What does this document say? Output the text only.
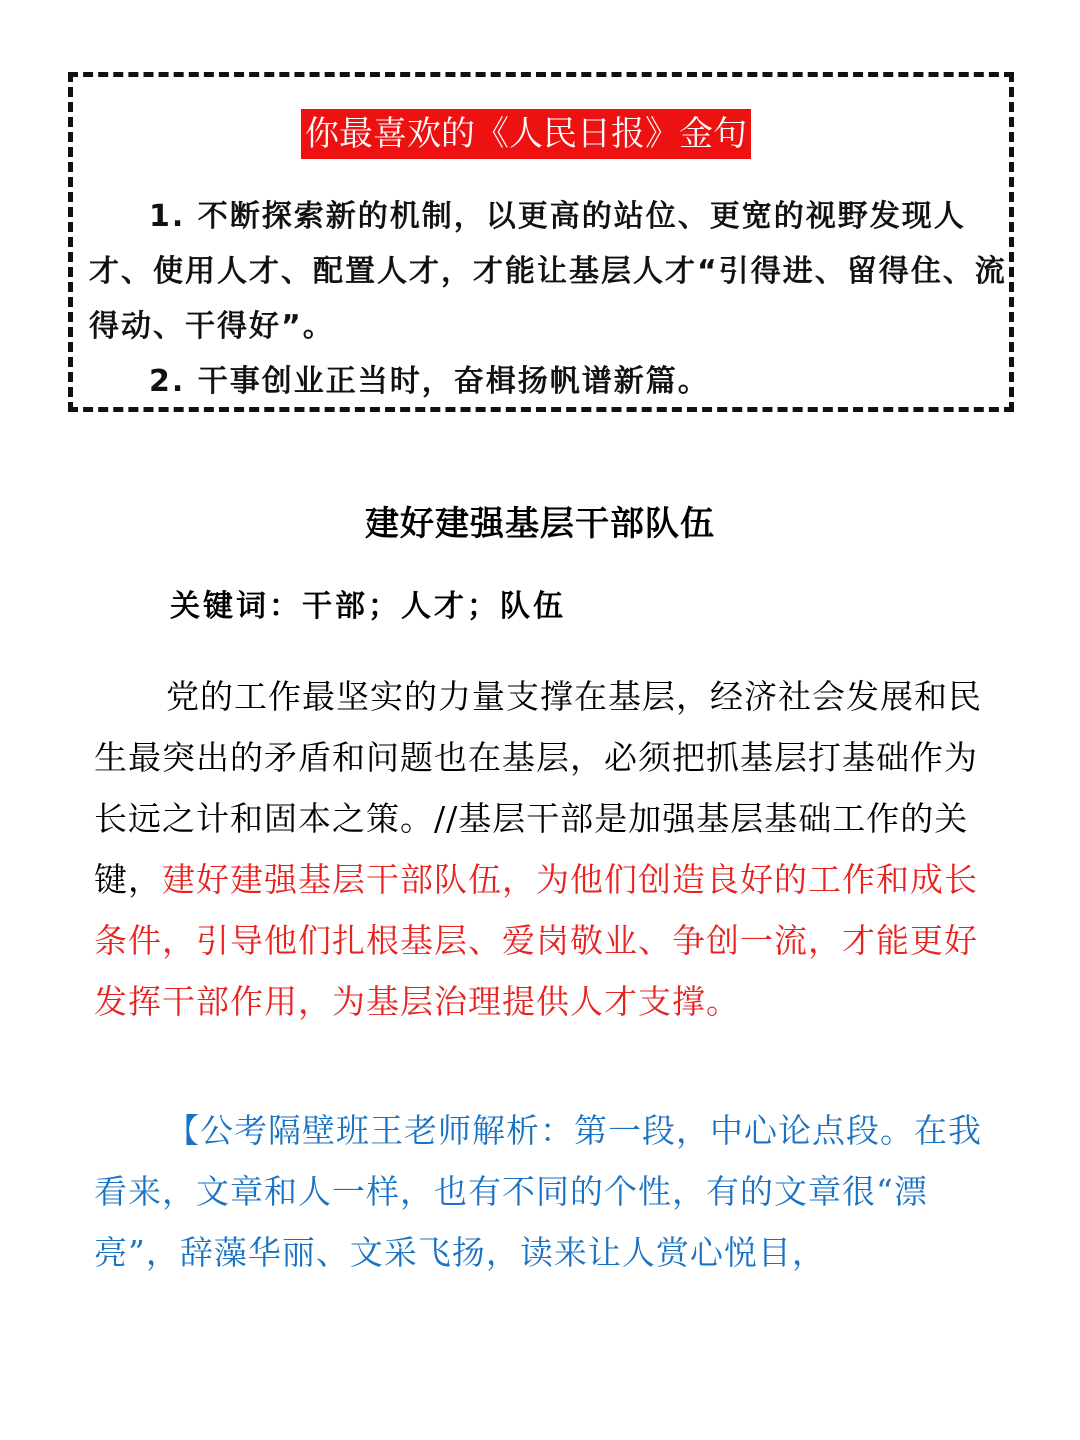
你最喜欢的《人民日报》金句

1. 不断探索新的机制，以更高的站位、更宽的视野发现人才、使用人才、配置人才，才能让基层人才“引得进、留得住、流得动、干得好”。

2. 干事创业正当时，奋楫扬帆谱新篇。

建好建强基层干部队伍
关键词：干部；人才；队伍

党的工作最坚实的力量支撑在基层，经济社会发展和民生最突出的矛盾和问题也在基层，必须把抓基层打基础作为长远之计和固本之策。//基层干部是加强基层基础工作的关键，建好建强基层干部队伍，为他们创造良好的工作和成长条件，引导他们扎根基层、爱岗敬业、争创一流，才能更好发挥干部作用，为基层治理提供人才支撑。

【公考隔壁班王老师解析：第一段，中心论点段。在我看来，文章和人一样，也有不同的个性，有的文章很“漂亮”，辞藻华丽、文采飞扬，读来让人赏心悦目，
